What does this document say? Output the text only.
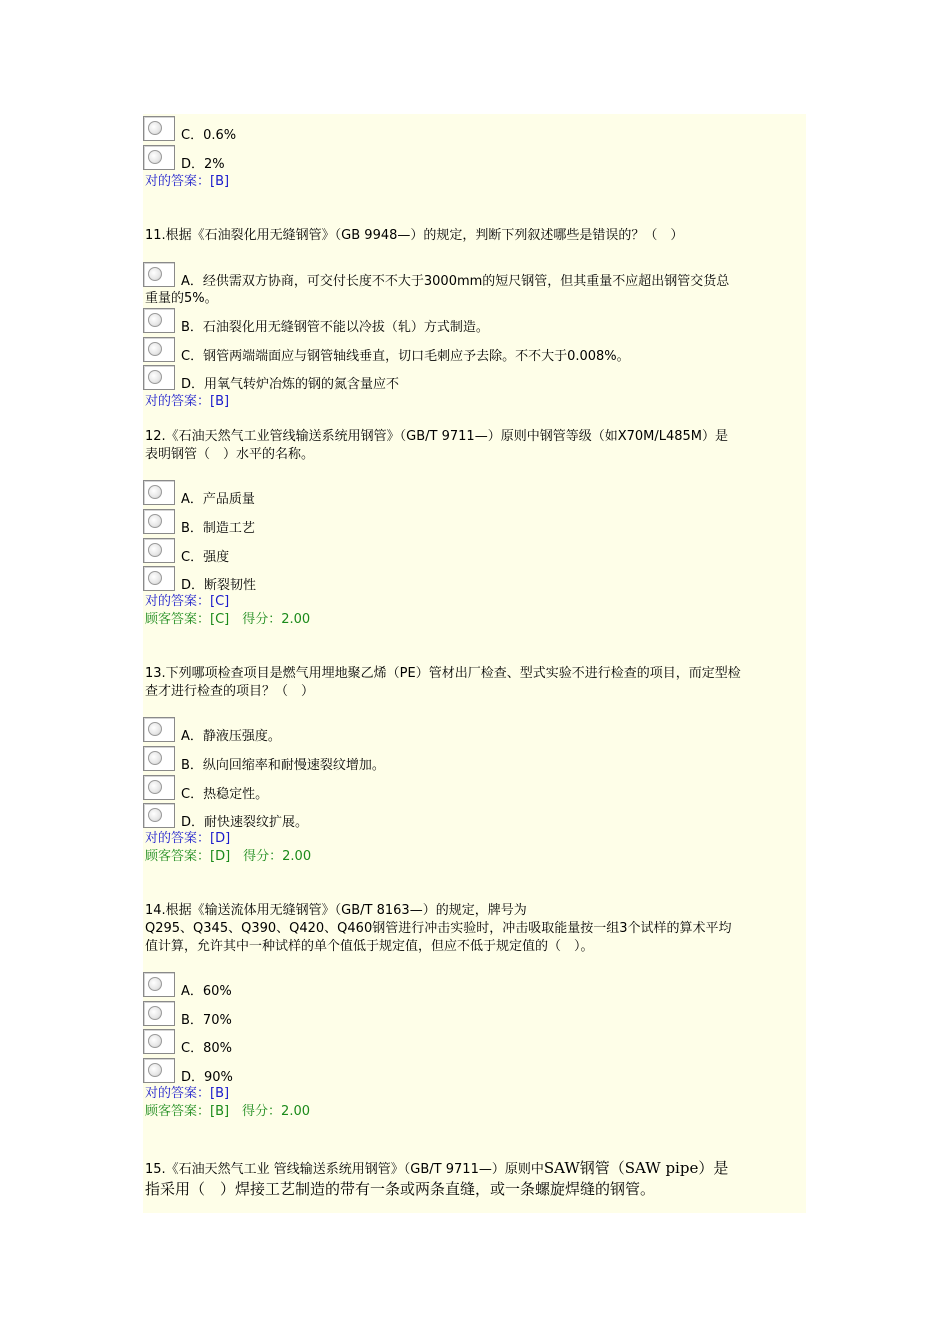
C．0.6%
D．2%
对的答案：[B]
11.根据《石油裂化用无缝钢管》（GB 9948—）的规定，判断下列叙述哪些是错误的？（　）
A．经供需双方协商，可交付长度不不大于3000mm的短尺钢管，但其重量不应超出钢管交货总
重量的5%。
B．石油裂化用无缝钢管不能以冷拔（轧）方式制造。
C．钢管两端端面应与钢管轴线垂直，切口毛刺应予去除。不不大于0.008%。
D．用氧气转炉冶炼的钢的氮含量应不
对的答案：[B]
12.《石油天然气工业管线输送系统用钢管》（GB/T 9711—）原则中钢管等级（如X70M/L485M）是
表明钢管（　）水平的名称。
A．产品质量
B．制造工艺
C．强度
D．断裂韧性
对的答案：[C]
顾客答案：[C]　得分：2.00
13.下列哪项检查项目是燃气用埋地聚乙烯（PE）管材出厂检查、型式实验不进行检查的项目，而定型检
查才进行检查的项目？（　）
A．静液压强度。
B．纵向回缩率和耐慢速裂纹增加。
C．热稳定性。
D．耐快速裂纹扩展。
对的答案：[D]
顾客答案：[D]　得分：2.00
14.根据《输送流体用无缝钢管》（GB/T 8163—）的规定，牌号为
Q295、Q345、Q390、Q420、Q460钢管进行冲击实验时，冲击吸取能量按一组3个试样的算术平均
值计算，允许其中一种试样的单个值低于规定值，但应不低于规定值的（　）。
A．60%
B．70%
C．80%
D．90%
对的答案：[B]
顾客答案：[B]　得分：2.00
15.《石油天然气工业 管线输送系统用钢管》（GB/T 9711—）原则中SAW钢管（SAW pipe）是
指采用（　）焊接工艺制造的带有一条或两条直缝，或一条螺旋焊缝的钢管。
